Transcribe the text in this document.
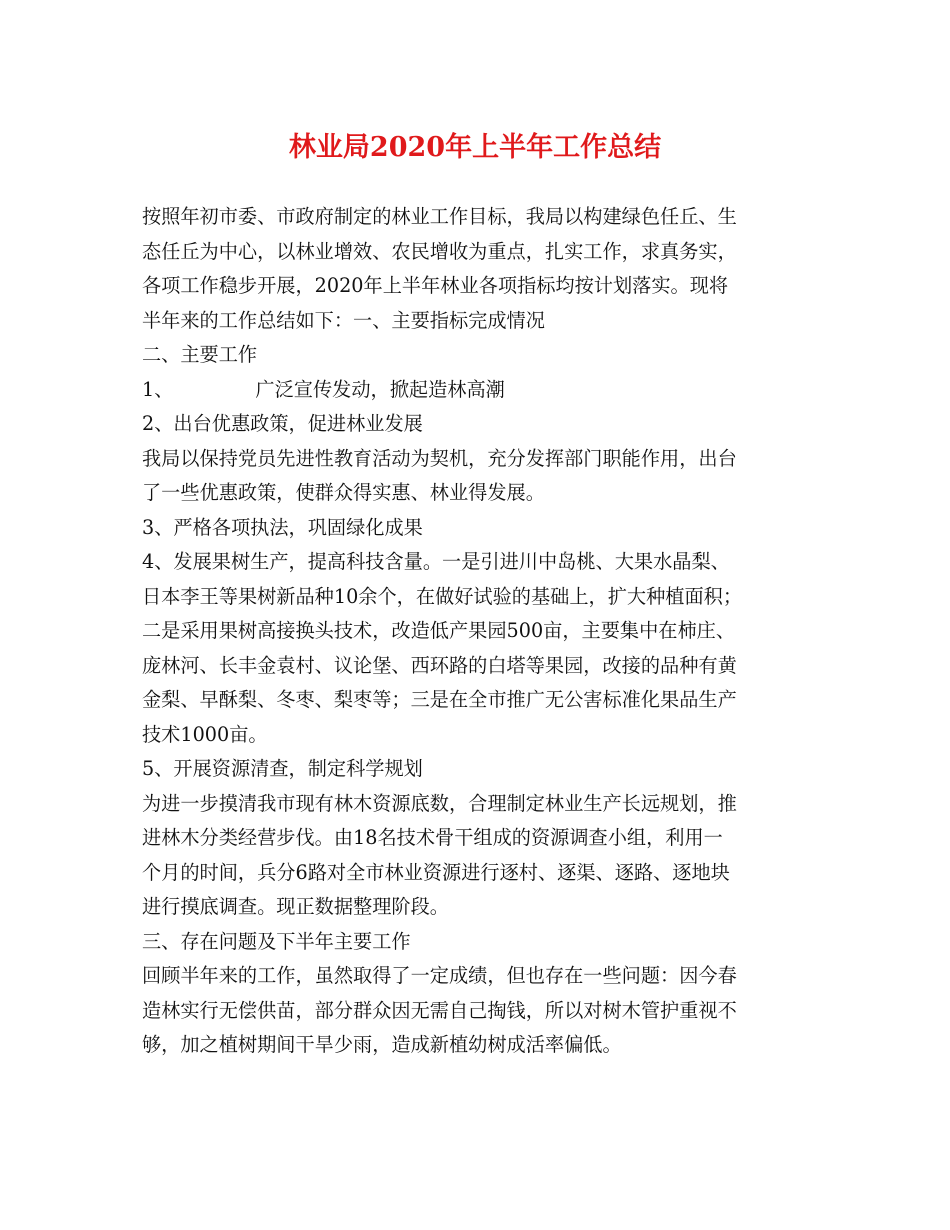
林业局2020年上半年工作总结
按照年初市委、市政府制定的林业工作目标，我局以构建绿色任丘、生
态任丘为中心，以林业增效、农民增收为重点，扎实工作，求真务实，
各项工作稳步开展，2020年上半年林业各项指标均按计划落实。现将
半年来的工作总结如下：一、主要指标完成情况
二、主要工作
1、	广泛宣传发动，掀起造林高潮
2、出台优惠政策，促进林业发展
我局以保持党员先进性教育活动为契机，充分发挥部门职能作用，出台
了一些优惠政策，使群众得实惠、林业得发展。
3、严格各项执法，巩固绿化成果
4、发展果树生产，提高科技含量。一是引进川中岛桃、大果水晶梨、
日本李王等果树新品种10余个，在做好试验的基础上，扩大种植面积；
二是采用果树高接换头技术，改造低产果园500亩，主要集中在柿庄、
庞林河、长丰金袁村、议论堡、西环路的白塔等果园，改接的品种有黄
金梨、早酥梨、冬枣、梨枣等；三是在全市推广无公害标准化果品生产
技术1000亩。
5、开展资源清查，制定科学规划
为进一步摸清我市现有林木资源底数，合理制定林业生产长远规划，推
进林木分类经营步伐。由18名技术骨干组成的资源调查小组，利用一
个月的时间，兵分6路对全市林业资源进行逐村、逐渠、逐路、逐地块
进行摸底调查。现正数据整理阶段。
三、存在问题及下半年主要工作
回顾半年来的工作，虽然取得了一定成绩，但也存在一些问题：因今春
造林实行无偿供苗，部分群众因无需自己掏钱，所以对树木管护重视不
够，加之植树期间干旱少雨，造成新植幼树成活率偏低。
